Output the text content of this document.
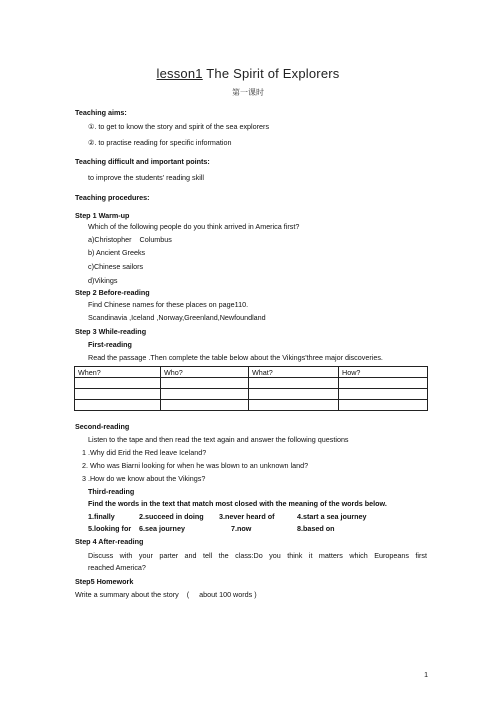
lesson1 The Spirit of Explorers
第一课时
Teaching aims:
①. to get to know the story and spirit of the sea explorers
②. to practise reading for specific information
Teaching difficult and important points:
to improve the students' reading skill
Teaching procedures:
Step 1 Warm-up
Which of the following people do you think arrived in America first?
a)Christopher    Columbus
b) Ancient Greeks
c)Chinese sailors
d)Vikings
Step 2 Before-reading
Find Chinese names for these places on page110.
Scandinavia ,Iceland ,Norway,Greenland,Newfoundland
Step 3 While-reading
First-reading
Read the passage .Then complete the table below about the Vikings'three major discoveries.
When?	Who?	What?	How?

Second-reading
Listen to the tape and then read the text again and answer the following questions
1 .Why did Erid the Red leave Iceland?
2. Who was Biarni looking for when he was blown to an unknown land?
3 .How do we know about the Vikings?
Third-reading
Find the words in the text that match most closed with the meaning of the words below.
1.finally	2.succeed in doing 3.never heard of	4.start a sea journey
5.looking for 6.sea journey	7.now	8.based on
Step 4 After-reading
Discuss with your parter and tell the class:Do you think it matters which Europeans first
reached America?
Step5 Homework
Write a summary about the story    (     about 100 words )
1
